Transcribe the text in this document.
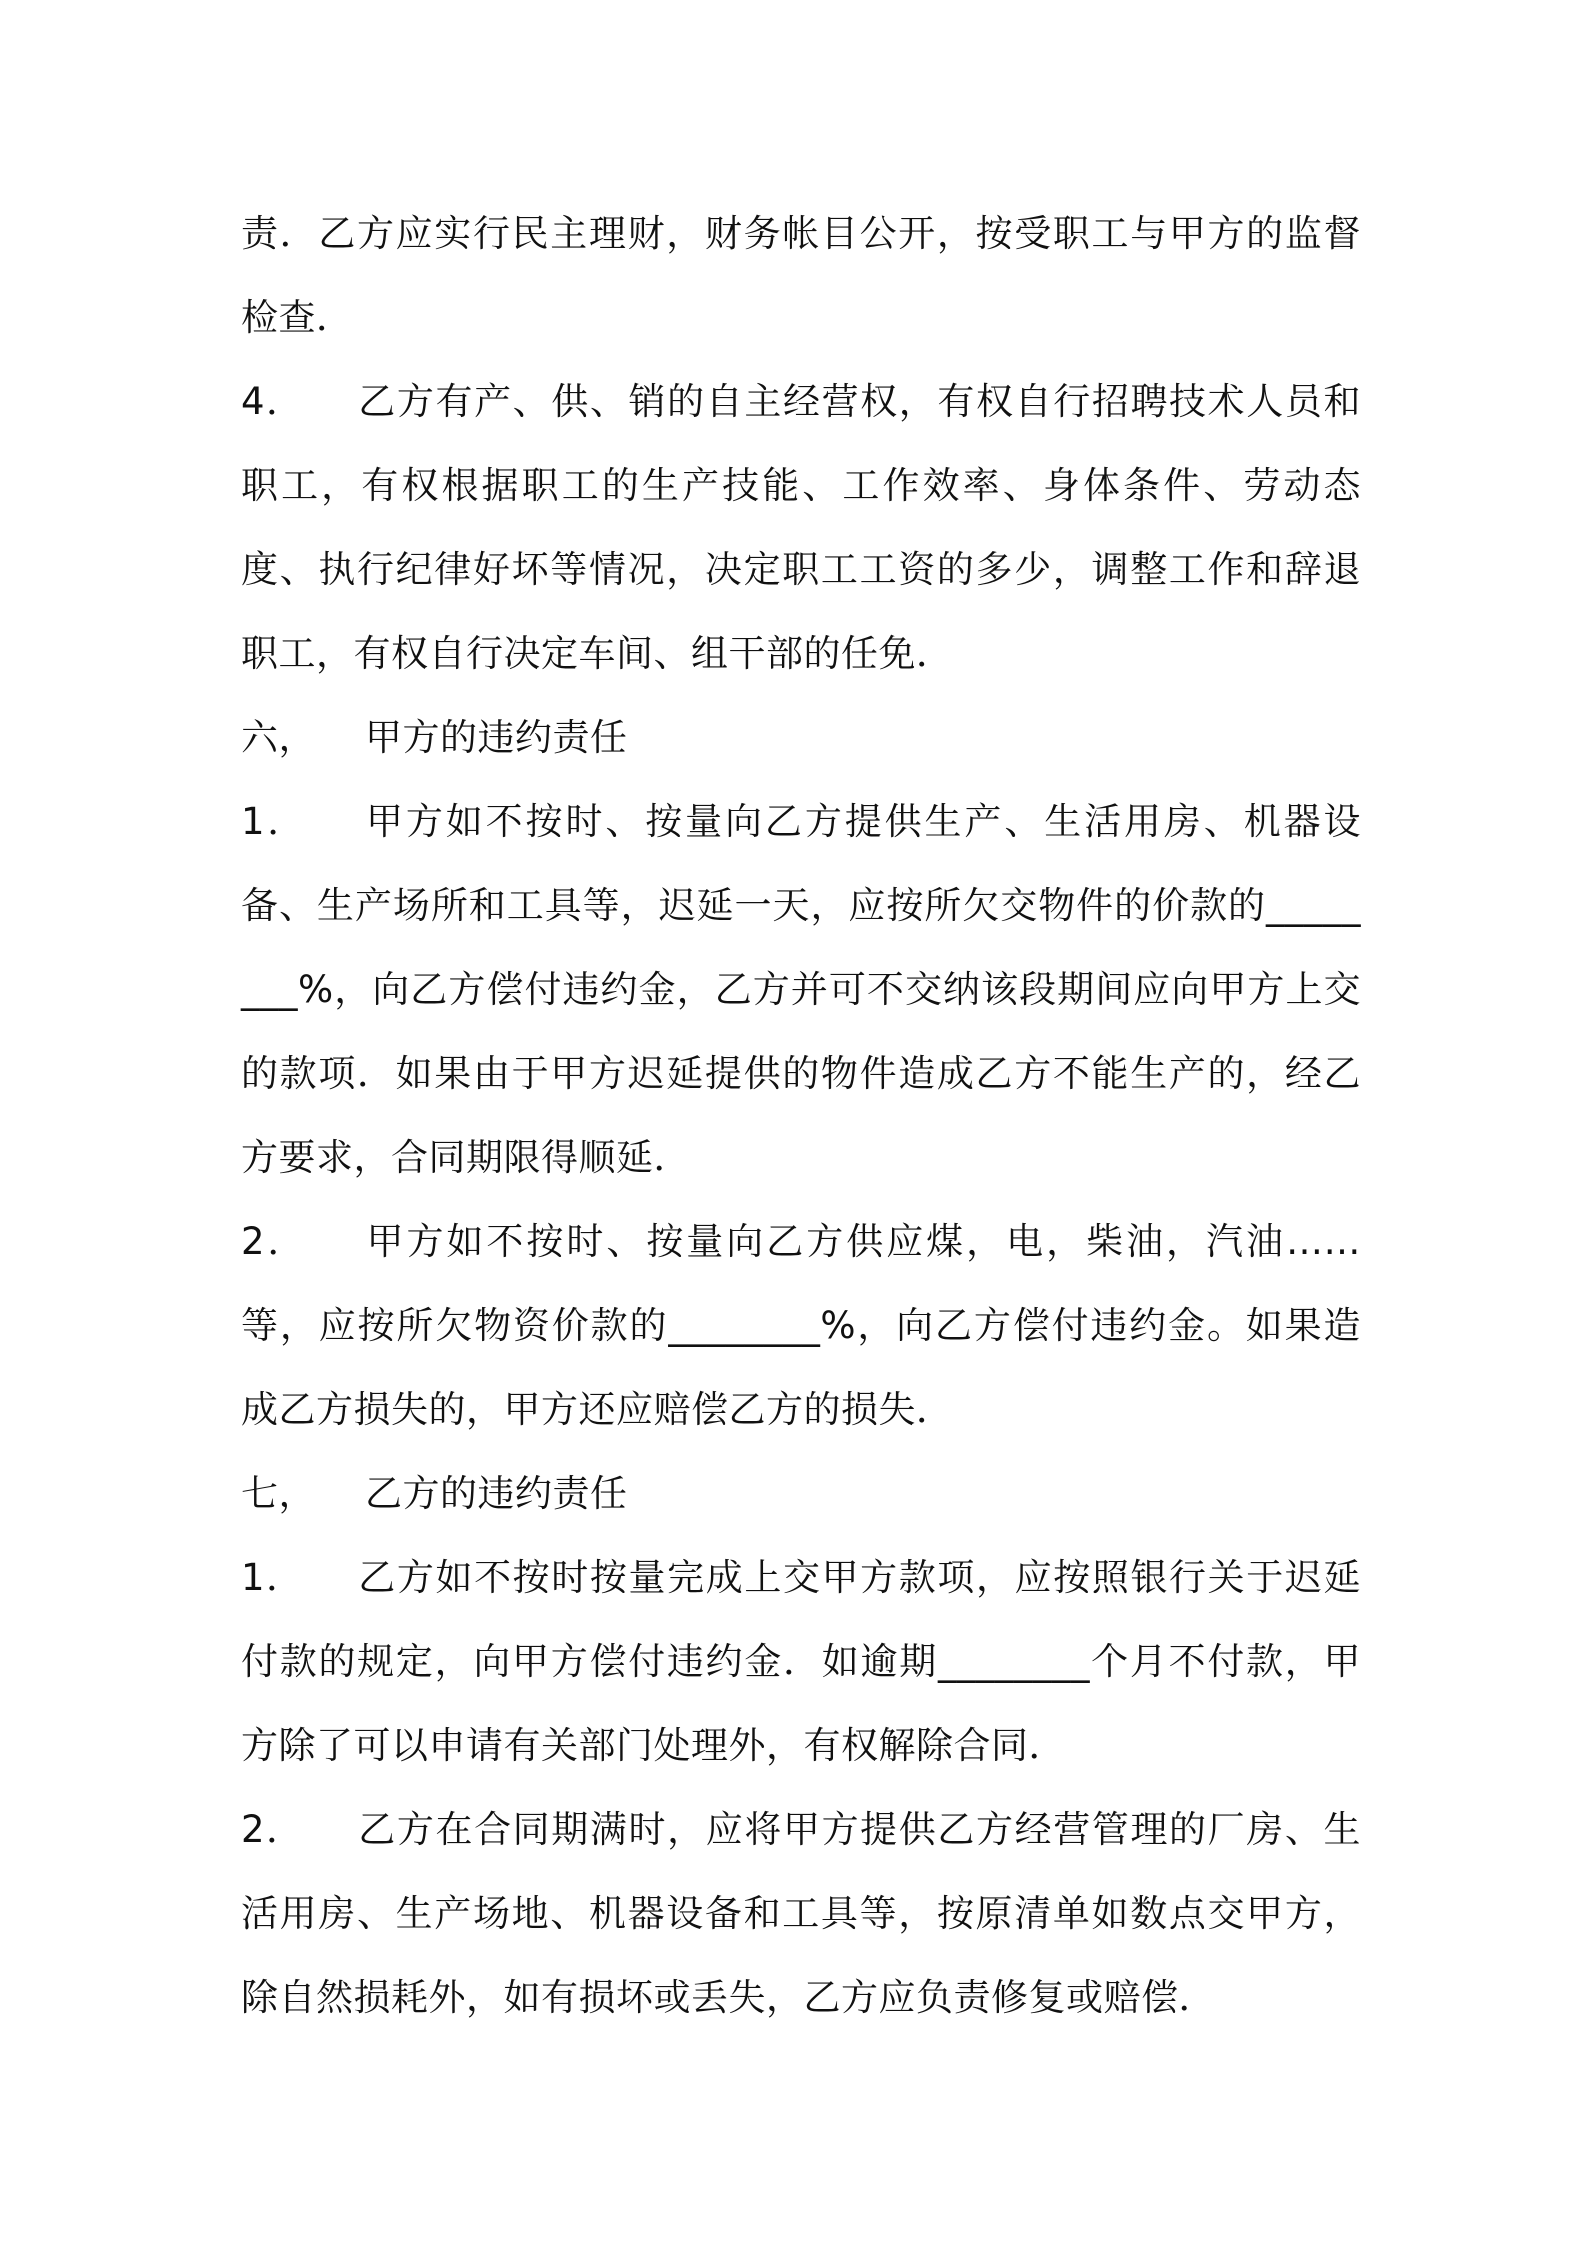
责．乙方应实行民主理财，财务帐目公开，按受职工与甲方的监督检查．

4．    乙方有产、供、销的自主经营权，有权自行招聘技术人员和职工，有权根据职工的生产技能、工作效率、身体条件、劳动态度、执行纪律好坏等情况，决定职工工资的多少，调整工作和辞退职工，有权自行决定车间、组干部的任免．

六，    甲方的违约责任

1．    甲方如不按时、按量向乙方提供生产、生活用房、机器设备、生产场所和工具等，迟延一天，应按所欠交物件的价款的________%，向乙方偿付违约金，乙方并可不交纳该段期间应向甲方上交的款项．如果由于甲方迟延提供的物件造成乙方不能生产的，经乙方要求，合同期限得顺延．

2．    甲方如不按时、按量向乙方供应煤，电，柴油，汽油……等，应按所欠物资价款的________%，向乙方偿付违约金。如果造成乙方损失的，甲方还应赔偿乙方的损失．

七，    乙方的违约责任

1．    乙方如不按时按量完成上交甲方款项，应按照银行关于迟延付款的规定，向甲方偿付违约金．如逾期________个月不付款，甲方除了可以申请有关部门处理外，有权解除合同．

2．    乙方在合同期满时，应将甲方提供乙方经营管理的厂房、生活用房、生产场地、机器设备和工具等，按原清单如数点交甲方，除自然损耗外，如有损坏或丢失，乙方应负责修复或赔偿．
